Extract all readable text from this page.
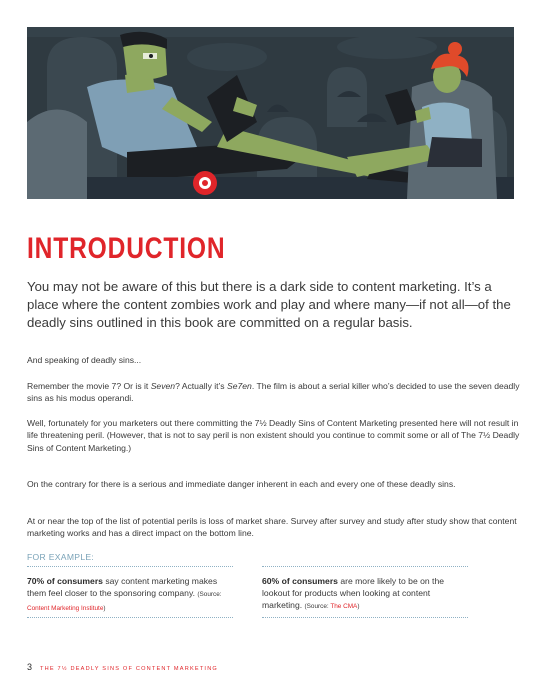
INTRODUCTION

You may not be aware of this but there is a dark side to content marketing. It’s a place where the content zombies work and play and where many—if not all—of the deadly sins outlined in this book are committed on a regular basis.

And speaking of deadly sins...

Remember the movie 7? Or is it Seven? Actually it’s Se7en. The film is about a serial killer who’s decided to use the seven deadly sins as his modus operandi.

Well, fortunately for you marketers out there committing the 7½ Deadly Sins of Content Marketing presented here will not result in life threatening peril. (However, that is not to say peril is non existent should you continue to commit some or all of The 7½ Deadly Sins of Content Marketing.)

On the contrary for there is a serious and immediate danger inherent in each and every one of these deadly sins.

At or near the top of the list of potential perils is loss of market share. Survey after survey and study after study show that content marketing works and has a direct impact on the bottom line.

FOR EXAMPLE:

70% of consumers say content marketing makes them feel closer to the sponsoring company. (Source: Content Marketing Institute)

60% of consumers are more likely to be on the lookout for products when looking at content marketing. (Source: The CMA)

3 THE 7½ DEADLY SINS OF CONTENT MARKETING
